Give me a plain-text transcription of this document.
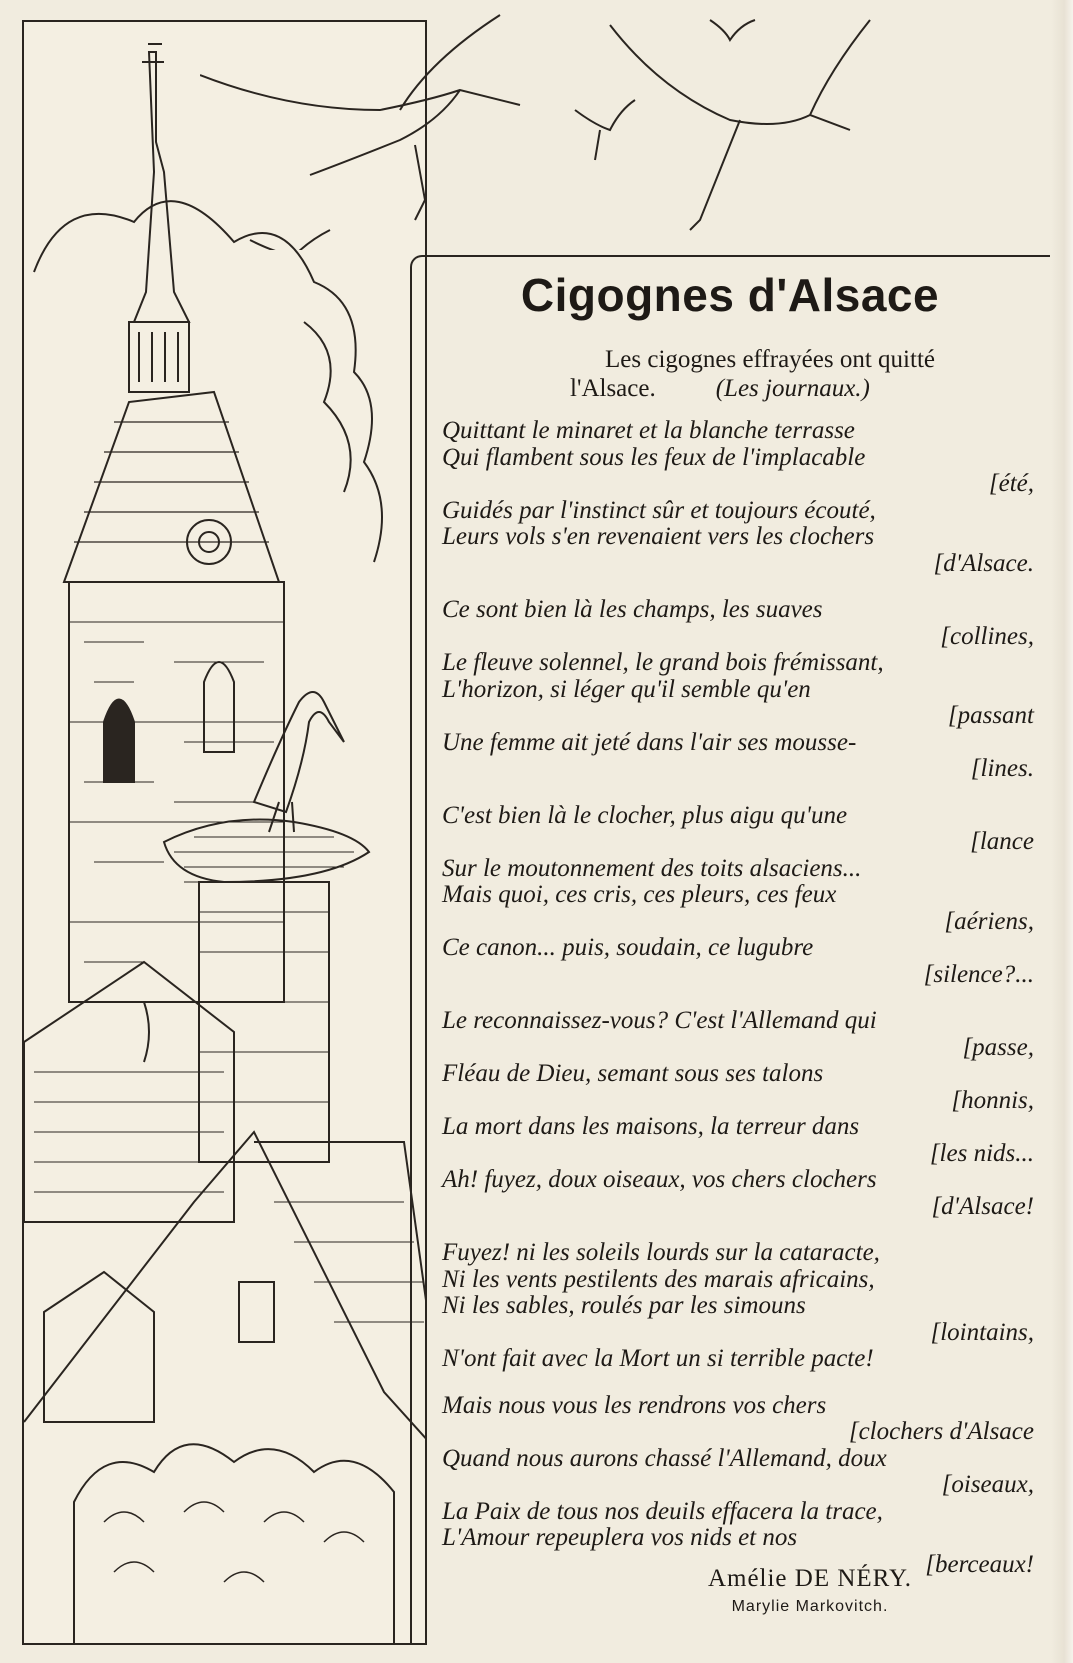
Cigognes d'Alsace
Les cigognes effrayées ont quitté
l'Alsace. (Les journaux.)
Quittant le minaret et la blanche terrasse
Qui flambent sous les feux de l'implacable
[été,
Guidés par l'instinct sûr et toujours écouté,
Leurs vols s'en revenaient vers les clochers
[d'Alsace.
Ce sont bien là les champs, les suaves
[collines,
Le fleuve solennel, le grand bois frémissant,
L'horizon, si léger qu'il semble qu'en
[passant
Une femme ait jeté dans l'air ses mousse-
[lines.
C'est bien là le clocher, plus aigu qu'une
[lance
Sur le moutonnement des toits alsaciens...
Mais quoi, ces cris, ces pleurs, ces feux
[aériens,
Ce canon... puis, soudain, ce lugubre
[silence?...
Le reconnaissez-vous? C'est l'Allemand qui
[passe,
Fléau de Dieu, semant sous ses talons
[honnis,
La mort dans les maisons, la terreur dans
[les nids...
Ah! fuyez, doux oiseaux, vos chers clochers
[d'Alsace!
Fuyez! ni les soleils lourds sur la cataracte,
Ni les vents pestilents des marais africains,
Ni les sables, roulés par les simouns
[lointains,
N'ont fait avec la Mort un si terrible pacte!
Mais nous vous les rendrons vos chers
[clochers d'Alsace
Quand nous aurons chassé l'Allemand, doux
[oiseaux,
La Paix de tous nos deuils effacera la trace,
L'Amour repeuplera vos nids et nos
[berceaux!
Amélie DE NÉRY.
Marylie Markovitch.
